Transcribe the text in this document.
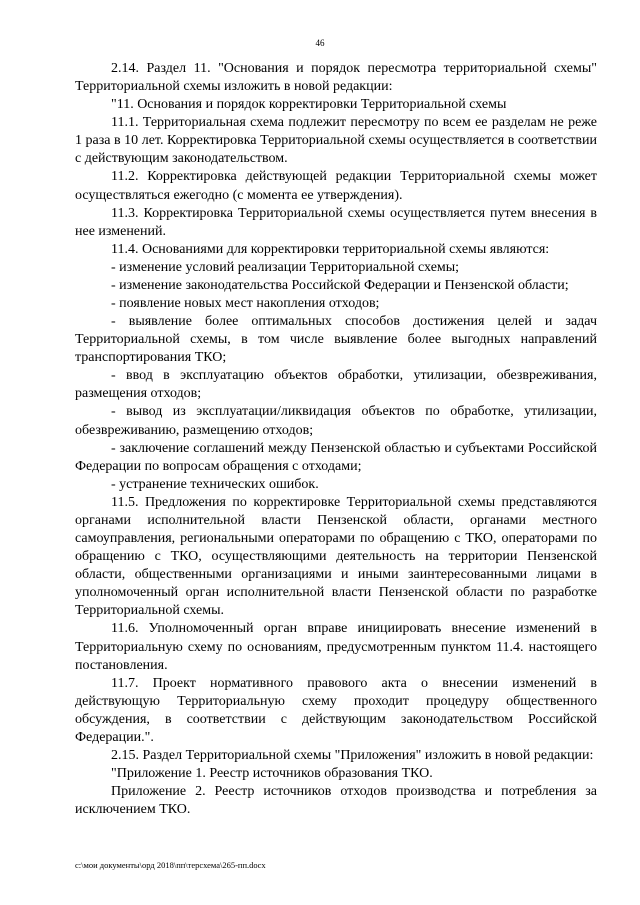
46

2.14. Раздел 11. "Основания и порядок пересмотра территориальной схемы" Территориальной схемы изложить в новой редакции:

"11. Основания и порядок корректировки Территориальной схемы

11.1. Территориальная схема подлежит пересмотру по всем ее разделам не реже 1 раза в 10 лет. Корректировка Территориальной схемы осуществляется в соответствии с действующим законодательством.

11.2. Корректировка действующей редакции Территориальной схемы может осуществляться ежегодно (с момента ее утверждения).

11.3. Корректировка Территориальной схемы осуществляется путем внесения в нее изменений.

11.4. Основаниями для корректировки территориальной схемы являются:

- изменение условий реализации Территориальной схемы;

- изменение законодательства Российской Федерации и Пензенской области;

- появление новых мест накопления отходов;

- выявление более оптимальных способов достижения целей и задач Территориальной схемы, в том числе выявление более выгодных направлений транспортирования ТКО;

- ввод в эксплуатацию объектов обработки, утилизации, обезвреживания, размещения отходов;

- вывод из эксплуатации/ликвидация объектов по обработке, утилизации, обезвреживанию, размещению отходов;

- заключение соглашений между Пензенской областью и субъектами Российской Федерации по вопросам обращения с отходами;

- устранение технических ошибок.

11.5. Предложения по корректировке Территориальной схемы представляются органами исполнительной власти Пензенской области, органами местного самоуправления, региональными операторами по обращению с ТКО, операторами по обращению с ТКО, осуществляющими деятельность на территории Пензенской области, общественными организациями и иными заинтересованными лицами в уполномоченный орган исполнительной власти Пензенской области по разработке Территориальной схемы.

11.6. Уполномоченный орган вправе инициировать внесение изменений в Территориальную схему по основаниям, предусмотренным пунктом 11.4. настоящего постановления.

11.7. Проект нормативного правового акта о внесении изменений в действующую Территориальную схему проходит процедуру общественного обсуждения, в соответствии с действующим законодательством Российской Федерации.".

2.15. Раздел Территориальной схемы "Приложения" изложить в новой редакции:

"Приложение 1. Реестр источников образования ТКО.

Приложение 2. Реестр источников отходов производства и потребления за исключением ТКО.

c:\мои документы\орд 2018\пп\терсхема\265-пп.docx
